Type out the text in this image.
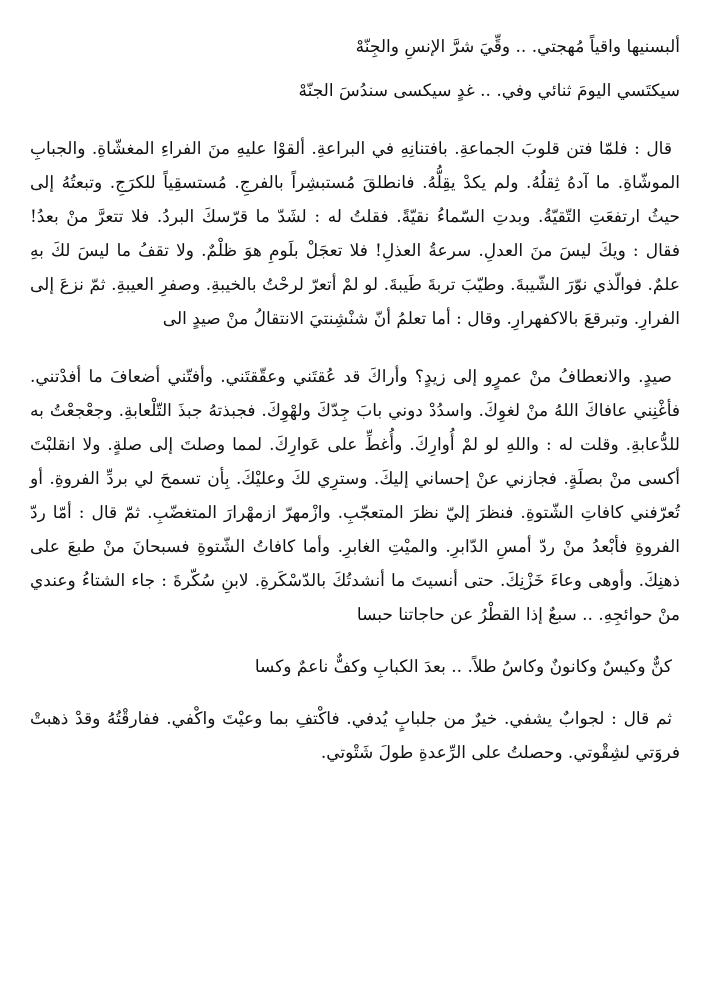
ألبسنيها واقياً مُهجتي. .. وقِّيَ شرَّ الإنسِ والجِنّهْ

سيكتَسي اليومَ ثنائي وفي. .. غدٍ سيكسى سندُسَ الجنّهْ

قال : فلمّا فتن قلوبَ الجماعةِ. بافتنانِهِ في البراعةِ. ألقوْا عليهِ منَ الفراءِ المغشّاةِ. والجبابِ الموشّاةِ. ما آدهُ ثِقلُهُ. ولم يكدْ يقِلُّهُ. فانطلقَ مُستبشِراً بالفرجِ. مُستسقِياً للكرَجِ. وتبعتُهُ إلى حيثُ ارتفعَتِ التّقيّةُ. وبدتِ السّماءُ نقيّةً. فقلتُ له : لشَدّ ما قرّسكَ البردُ. فلا تتعرَّ منْ بعدُ! فقال : ويكَ ليسَ منَ العدلِ. سرعةُ العذلِ! فلا تعجَلْ بلَومِ هوَ ظلْمٌ. ولا تقفُ ما ليسَ لكَ بهِ علمٌ. فوالّذي نوّرَ الشّيبةَ. وطيّبَ تربةَ طَيبةَ. لو لمْ أتعرّ لرحْتُ بالخيبةِ. وصفرِ العيبةِ. ثمّ نزعَ إلى الفرارِ. وتبرقعَ بالاكفهرارِ. وقال : أما تعلمُ أنّ شنْشِنتيَ الانتقالُ منْ صيدٍ الى

صيدٍ. والانعطافُ منْ عمرٍو إلى زيدٍ؟ وأراكَ قد عُقتَني وعقّقتَني. وأفتّني أضعافَ ما أفدْتني. فأغْنِني عافاكَ اللهُ منْ لغوِكَ. واسدُدْ دوني بابَ جِدّكَ ولهْوِكَ. فجبذتهُ جبذَ التّلْعابةِ. وجعْجعْتُ به للدُّعابةِ. وقلت له : واللهِ لو لمْ أُوارِكَ. وأُغطِّ على عَوارِكَ. لمما وصلتَ إلى صلةٍ. ولا انقلبْتَ أكسى منْ بصلَةٍ. فجازني عنْ إحساني إليكَ. وسترِي لكَ وعليْكَ. بِأن تسمحَ لي بردِّ الفروةِ. أو تُعرّفني كافاتِ الشّتوةِ. فنظرَ إليّ نظرَ المتعجّبِ. وازْمهرّ ازمهْرارَ المتغضّبِ. ثمّ قال : أمّا ردّ الفروةِ فأبْعدُ منْ ردّ أمسِ الدّابرِ. والميْتِ الغابرِ. وأما كافاتُ الشّتوةِ فسبحانَ منْ طبعَ على ذهنِكَ. وأوهى وعاءَ خَزْنِكَ. حتى أنسيتَ ما أنشدتُكَ بالدّسْكَرةِ. لابنِ سُكّرةَ : جاء الشتاءُ وعندي منْ حوائجِهِ. .. سبعٌ إذا القطْرُ عن حاجاتنا حبسا

كنٌّ وكيسٌ وكانونٌ وكاسُ طلاً. .. بعدَ الكبابِ وكفٌّ ناعمٌ وكسا

ثم قال : لجوابٌ يشفي. خيرٌ من جلبابٍ يُدفي. فاكْتفِ بما وعيْتَ واكْفي. ففارقْتُهُ وقدْ ذهبتْ فروَتي لشِقْوتي. وحصلتُ على الرِّعدةِ طولَ شَتْوتي.
